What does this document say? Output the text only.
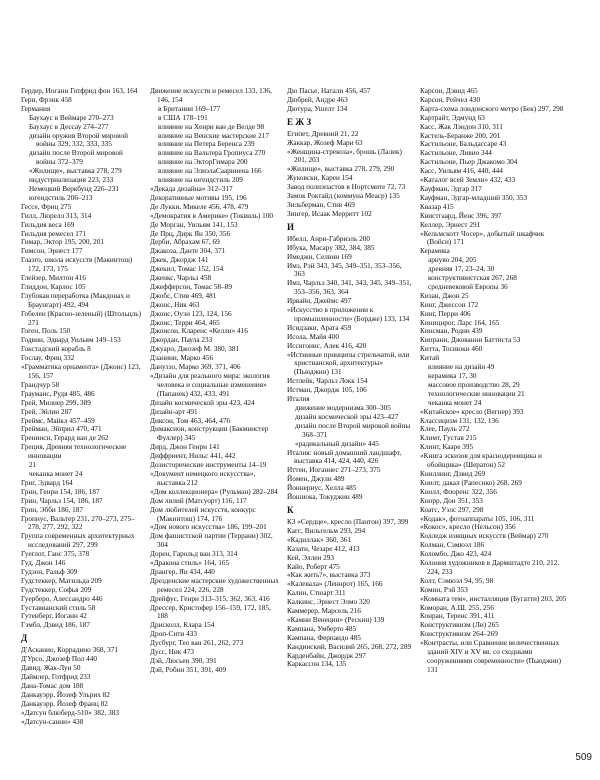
Гердер, Иоганн Готфрид фон 163, 164
Гери, Фрэнк 458
Германия
Баухаус в Веймаре 270–273
Баухаус в Дессау 274–277
дизайн оружия Второй мировой войны 329, 332, 333, 335
дизайн после Второй мировой войны 372–379
«Жилище», выставка 278, 279
индустриализация 223, 233
Немецкий Веркбунд 226–231
югендстиль 206–213
Гессе, Фриц 275
Гилл, Люрелл 313, 314
Гильдия веса 169
Гильдия ремесел 171
Гимар, Эктор 195, 200, 201
Гимсон, Эрнест 177
Глазго, школа искусств (Макинтош) 172, 173, 175
Глейзер, Милтон 416
Глиддон, Карлос 105
Глубокая переработка (Макдонах и Браунгарт) 492, 494
Гобелен (Красно-зеленый) (Штольцль) 271
Гоген, Поль 150
Годвин, Эдвард Уильям 149–153
Гокстадский корабль 8
Гослау, Фриц 332
«Грамматика орнамента» (Джонс) 123, 156, 157
Грандчур 58
Граумаис, Рудя 485, 486
Грей, Милнер 299, 389
Грей, Эйлин 287
Греймс, Майкл 457–459
Грейман, Эйприл 470, 471
Гренинсн, Герард ван де 262
Греция, Древняя технологические инновации
21
чеканка монет 24
Григ, Эдвард 164
Грин, Генри 154, 186, 187
Грин, Чарльз 154, 186, 187
Грин, Эбби 186, 187
Гропиус, Вальтер 231, 270–273, 275–278, 277, 292, 322
Группа современных архитектурных исследований 297, 299
Гуеглот, Ганс 375, 378
Гуд, Джон 146
Гудзон, Ральф 309
Гудстеккер, Матильда 209
Гудстеккер, Софья 209
Гуерберо, Алессандро 446
Густавианский стиль 58
Гутенберг, Иоганн 42
Гэмбл, Дэвид 186, 187
Д
Д'Асканио, Коррадино 368, 371
Д'Урсо, Джозеф Пол 440
Давид, Жак-Луи 50
Даймлер, Готфрид 233
Дана-Томас дом 188
Данкауэрр, Йозеф Ульрих 82
Данкауэрр, Йозеф Франц 82
«Датсун блюберд-510» 382, 383
«Датсун-санни» 438
Движение искусств и ремесел 133, 136, 146, 154
в Британии 169–177
в США 178–191
влияние на Хенри ван де Велде 98
влияние на Венские мастерские 217
влияние на Петера Беренса 239
влияние на Вальтера Гропиуса 270
влияние на ЭкторГимара 200
влияние на ЭлиэлаСааринена 166
влияние на югендстиль 209
«Декада дизайна» 312–317
Декоративные мотивы 195, 196
Де Лукки, Микеле 456, 478, 479
«Демократия в Америке» (Токвиль) 100
Де Морган, Уильям 141, 153
Де Прц, Дирк Ян 350, 356
Дерби, Абрахам 67, 69
Джакоза, Данте 304, 371
Джек, Джордж 141
Джекил, Томас 152, 154
Дженкс, Чарльз 458
Джефферсон, Томас 58–89
Джобс, Стив 469, 481
Джонс, Ник 463
Джонс, Оуэн 123, 124, 156
Джонс, Терри 464, 465
Джонсон, Кларенс «Келли» 416
Джордан, Паула 233
Джуаро, Джозеф М. 380, 381
Дзанини, Марко 456
Дануззо, Марко 369, 371, 406
«Дизайн для реального мира: экология человека и социальные изменения» (Папанек) 432, 433, 491
Дизайн космической эры 423, 424
Дизайн-арт 491
Диксон, Том 463, 464, 476
Димаксион, конструкции (Бакминстер Фуллер) 345
Дирд, Джон Генри 141
Диффриент, Нильс 441, 442
Дозисторические инструменты 14–19
«Документ немецкого искусства», выставка 212
«Дом коллекционера» (Рульман) 282–284
Дом лилий (Матсуорт) 116, 117
Дом любителей искусств, конкурс (Макинтош) 174, 176
«Дом нового искусства» 186, 199–201
Дом фашистской партии (Террани) 302, 304
Дорен, Гарольд ван 313, 314
«Дракона стиль» 164, 165
Дрангер, Ян 434, 440
Дрезденские мастерские художественных ремесел 224, 226, 228
Дрейфус, Генри 313–315, 362, 363, 416
Дрессер, Кристофер 156–159, 172, 185, 188
Дрисколл, Клара 154
Дроп-Сити 433
Дусбург, Тео ван 261, 262, 273
Дусс, Ник 473
Дэй, Люсьен 390, 391
Дэй, Робин 351, 391, 409
Дю Пасье, Натали 456, 457
Дюбрей, Андре 463
Дютура, Ушелт 134
Е Ж З
Египет, Древний 21, 22
Жаккар, Жозеф Мари 63
«Женщина-стрекоза», брошь (Лалик) 201, 203
«Жилище», выставка 278, 279, 290
Жуковски, Карен 154
Завод полиэпастов в Нортсмите 72, 73
Замок Роктайд (коммуна Меаср) 135
Зильберман, Стив 469
Зингер, Исаак Мерритт 102
И
Ибелл, Анри-Габриэль 200
Ибука, Масару 382, 384, 385
Имеджн, Селвин 169
Имз, Рэй 343, 345, 349–351, 353–356, 363
Имз, Чарльз 340, 341, 343, 345, 349–351, 353–356, 363, 364
Ирвайн, Джеймс 497
«Искусство в приложении к промышленности» (Бордже) 133, 134
Исидзаки, Арата 459
Исола, Майя 400
Иссигонис, Алек 416, 420
«Истинные принципы стрельчатой, или христианской, архитектуры» (Пьюджин) 131
Истлейк, Чарльз Локк 154
Истман, Джордж 105, 106
Италия
движение модернизма 300–305
дизайн космической эры 423–427
дизайн после Второй мировой войны 368–371
«радикальный дизайн» 445
Италия: новый домашний ландшафт, выставка 414, 424, 440, 426
Иттен, Иоганнес 271–273, 375
Йомен, Джули 489
Йоннериус, Хелла 485
Йошиока, Токуджин 489
К
К3 «Сердце», кресло (Пантон) 397, 399
Кагс, Вильгельм 293, 294
«Кадиллак» 360, 361
Казати, Чезаре 412, 413
Кей, Эллен 293
Кайо, Роберт 475
«Как жить?», выставка 373
«Калевала» (Леннрот) 165, 166
Калин, Стюарт 311
Калкинс, Эрнест Элмо 320
Каммерер, Марсель 216
«Камни Венеции» (Рескин) 139
Кампана, Умберто 485
Кампана, Фернандо 485
Кандинский, Василий 265, 268, 272, 289
Карденбайн, Джордж 297
Каркассон 134, 135
Карсон, Дэвид 465
Карсон, Рейчел 430
Карта-схема лондонского метро (Бек) 297, 298
Картрайт, Эдмунд 63
Касс, Жак Лэндон 310, 311
Кастель-Беранже 200, 201
Кастильоне, Бальдассаре 43
Кастильоне, Ливио 344
Кастильоне, Пьер Джакомо 304
Касс, Уильям 416, 440, 444
«Каталог всей Земли» 432, 433
Кауфман, Эдгар 317
Кауфман, Эдгар-младший 350, 353
Квазар 415
Квистгаард, Йенс 396, 397
Келлер, Эрнест 291
«Кельмскотт Чосер», добытый шкафчик (Войси) 171
Керамика
арнуво 204, 205
древняя 17, 23–24, 30
конструктивистская 267, 268
средневековой Европы 36
Кизан, Джон 25
Кинг, Джессон 172
Кинг, Перри 406
Киницнрог, Ларс 164, 165
Кинсман, Родни 439
Кипрани, Джованни Баттиста 53
Китта, Тосиюки 460
Китай
влияние на дизайн 49
керамика 17, 30
массовое производство 28, 29
технологические инновации 21
чеканка монет 24
«Китайское» кресло (Вегнер) 393
Классицизм 131, 132, 136
Клее, Пауль 272
Климт, Густав 215
Клинт, Кааре 395
«Книга эскизов для краснодеревщика и обойщика» (Шератон) 52
Книллинг, Дэвид 269
Книлт, дакал (Рапеснко) 268, 269
Кнолл, Флоренс 322, 356
Кнорр, Дон 351, 353
Коатс, Уэлс 297, 298
«Кодак», фотоаппараты 105, 106, 311
«Кокос», кресло (Нельсон) 356
Колледж изящных искусств (Веймар) 270
Колман, Сэмюэл 186
Коломбо, Джо 423, 424
Колония художников в Дармштадте 210, 212, 224, 233
Колт, Сэмюэл 94, 95, 98
Комин, Рэй 353
«Комната тем», инсталляция (Бугатти) 203, 205
Коморан, А.Ш. 255, 256
Конран, Теренс 391, 411
Конструктивизм (Ли) 265
Конструктивизм 264–269
«Контрасты, или Сравнение величественных зданий XIV и XV вв. со сходными сооружениями современности» (Пьюджин) 131
509
